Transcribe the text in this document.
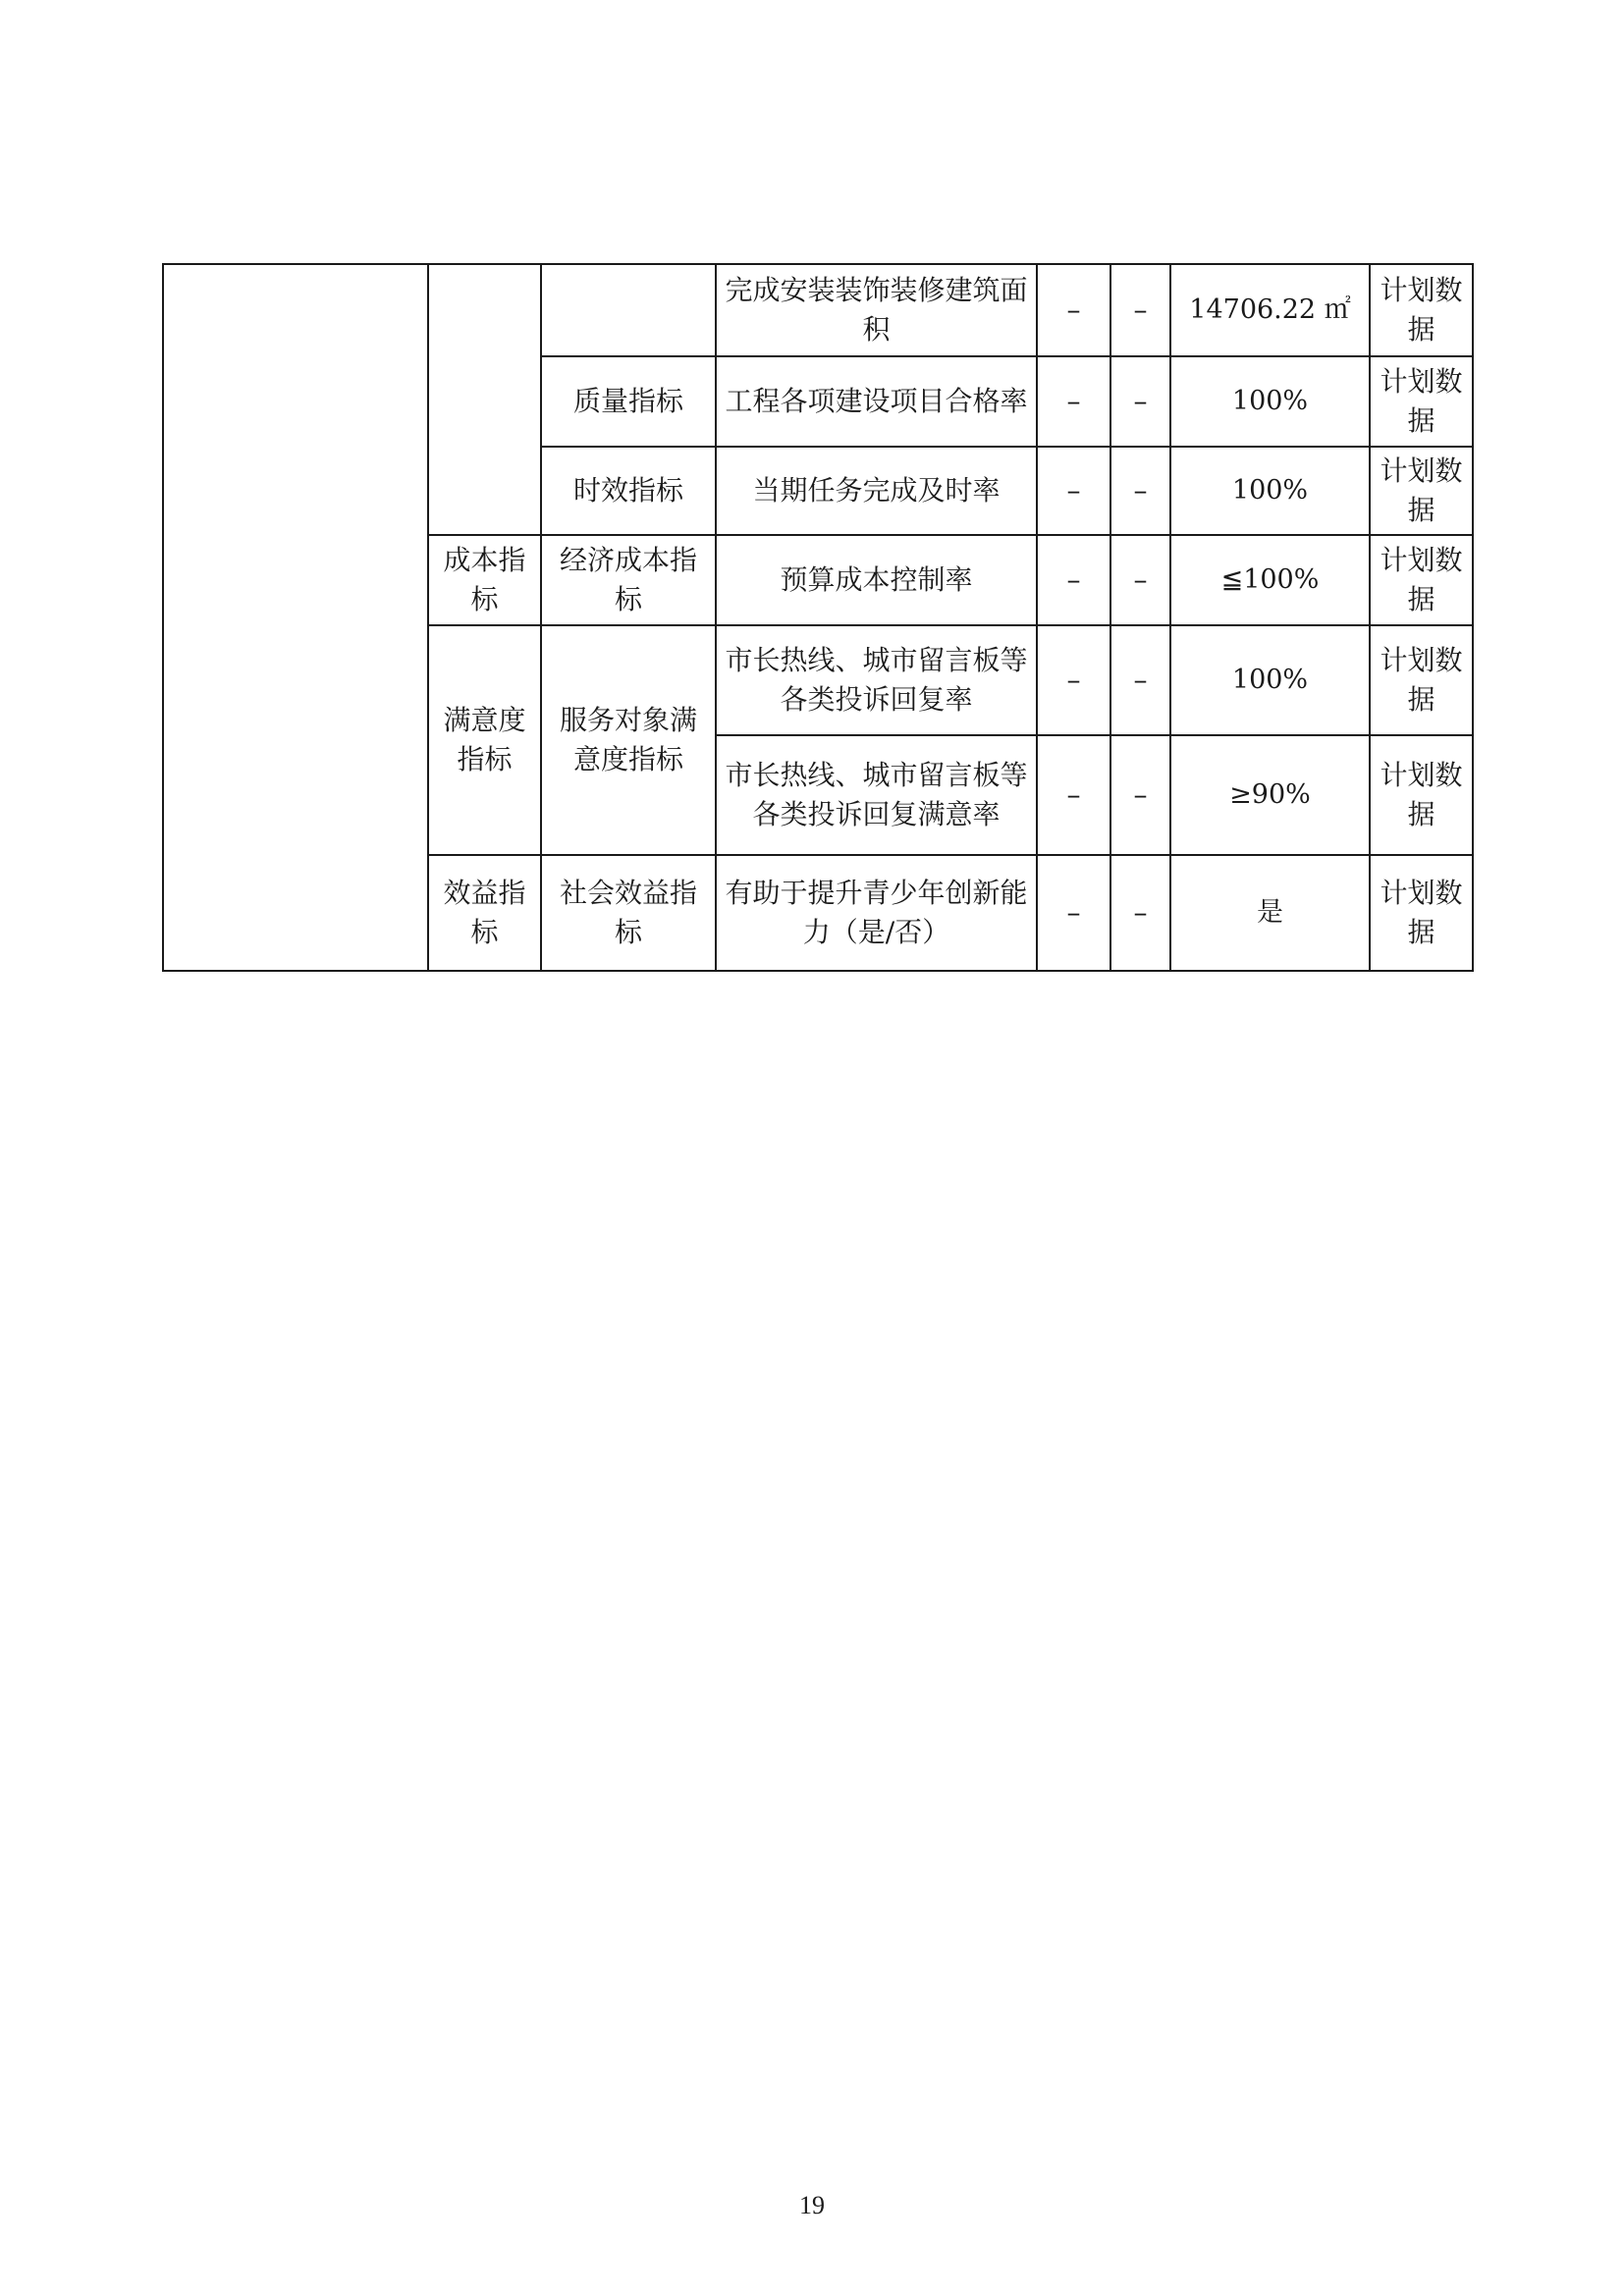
			完成安装装饰装修建筑面积	–	–	14706.22 ㎡	计划数据
		质量指标	工程各项建设项目合格率	–	–	100%	计划数据
		时效指标	当期任务完成及时率	–	–	100%	计划数据
	成本指标	经济成本指标	预算成本控制率	–	–	≦100%	计划数据
	满意度指标	服务对象满意度指标	市长热线、城市留言板等各类投诉回复率	–	–	100%	计划数据
			市长热线、城市留言板等各类投诉回复满意率	–	–	≥90%	计划数据
	效益指标	社会效益指标	有助于提升青少年创新能力（是/否）	–	–	是	计划数据
19
